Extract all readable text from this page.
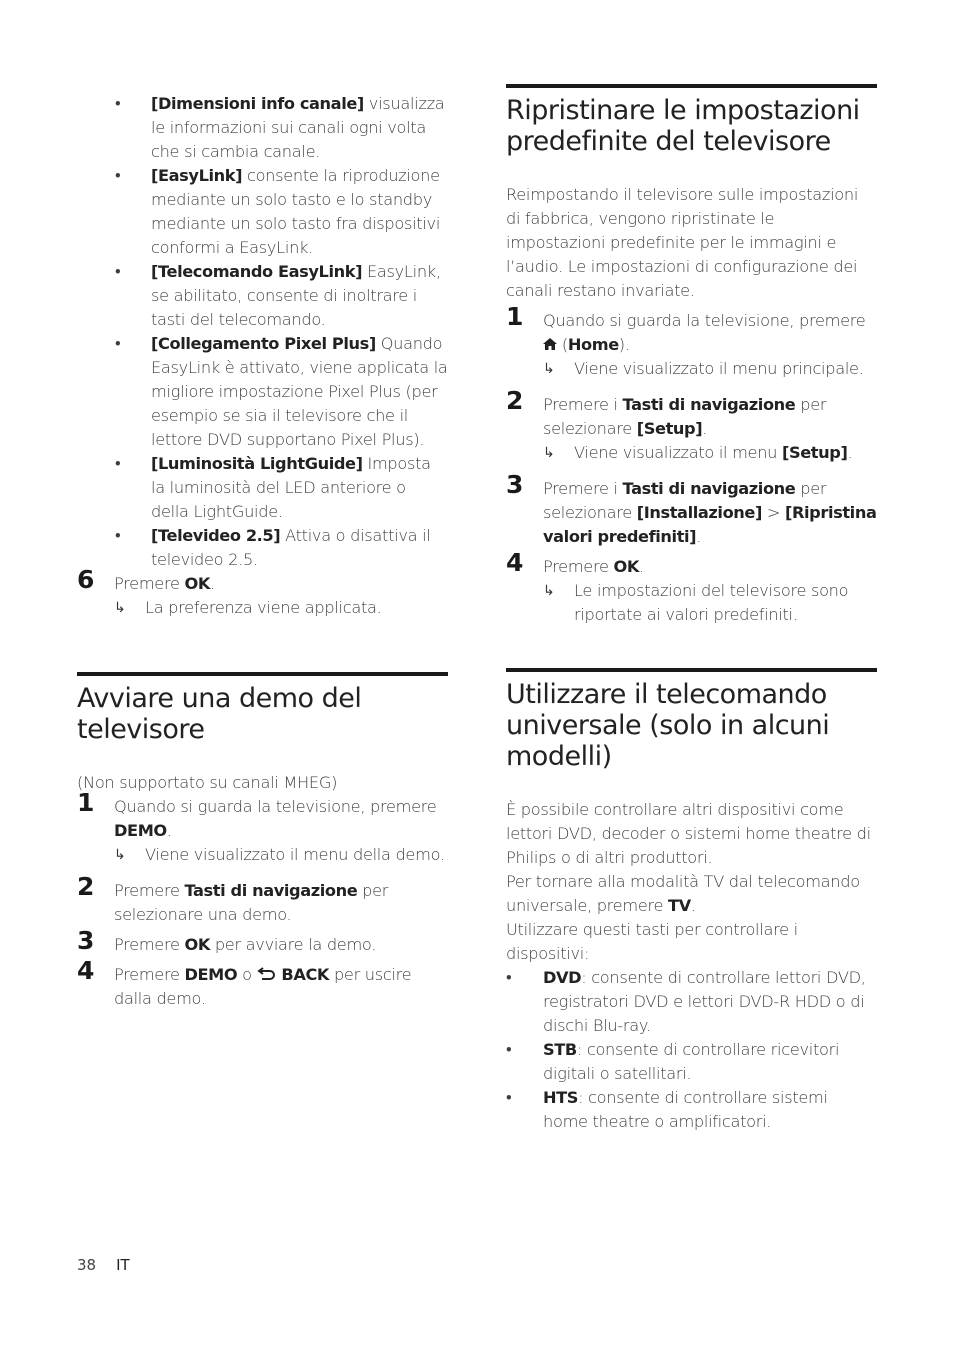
• [Dimensioni info canale] visualizza le informazioni sui canali ogni volta che si cambia canale.
• [EasyLink] consente la riproduzione mediante un solo tasto e lo standby mediante un solo tasto fra dispositivi conformi a EasyLink.
• [Telecomando EasyLink] EasyLink, se abilitato, consente di inoltrare i tasti del telecomando.
• [Collegamento Pixel Plus] Quando EasyLink è attivato, viene applicata la migliore impostazione Pixel Plus (per esempio se sia il televisore che il lettore DVD supportano Pixel Plus).
• [Luminosità LightGuide] Imposta la luminosità del LED anteriore o della LightGuide.
• [Televideo 2.5] Attiva o disattiva il televideo 2.5.
6 Premere OK.
↳ La preferenza viene applicata.
Avviare una demo del televisore
(Non supportato su canali MHEG)
1 Quando si guarda la televisione, premere DEMO.
↳ Viene visualizzato il menu della demo.
2 Premere Tasti di navigazione per selezionare una demo.
3 Premere OK per avviare la demo.
4 Premere DEMO o  BACK per uscire dalla demo.
Ripristinare le impostazioni predefinite del televisore
Reimpostando il televisore sulle impostazioni di fabbrica, vengono ripristinate le impostazioni predefinite per le immagini e l’audio. Le impostazioni di configurazione dei canali restano invariate.
1 Quando si guarda la televisione, premere  (Home).
↳ Viene visualizzato il menu principale.
2 Premere i Tasti di navigazione per selezionare [Setup].
↳ Viene visualizzato il menu [Setup].
3 Premere i Tasti di navigazione per selezionare [Installazione] > [Ripristina valori predefiniti].
4 Premere OK.
↳ Le impostazioni del televisore sono riportate ai valori predefiniti.
Utilizzare il telecomando universale (solo in alcuni modelli)
È possibile controllare altri dispositivi come lettori DVD, decoder o sistemi home theatre di Philips o di altri produttori.
Per tornare alla modalità TV dal telecomando universale, premere TV.
Utilizzare questi tasti per controllare i dispositivi:
• DVD: consente di controllare lettori DVD, registratori DVD e lettori DVD-R HDD o di dischi Blu-ray.
• STB: consente di controllare ricevitori digitali o satellitari.
• HTS: consente di controllare sistemi home theatre o amplificatori.
38 IT
